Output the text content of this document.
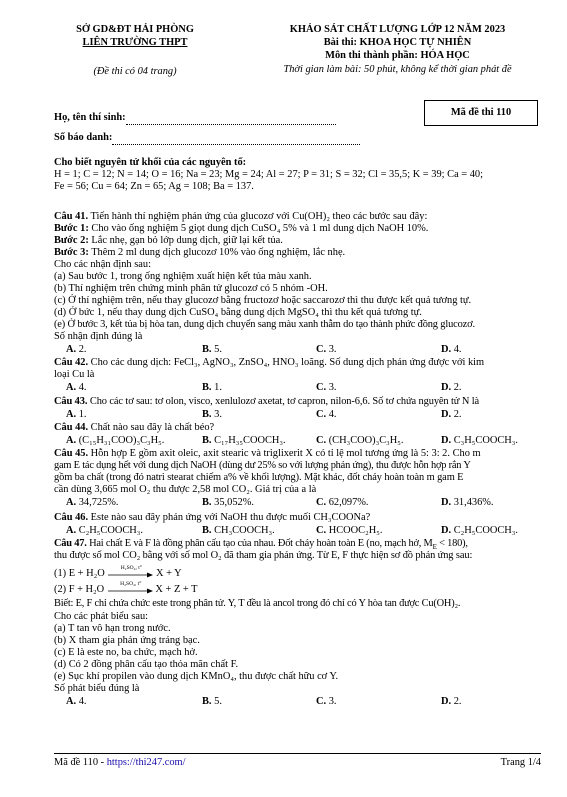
SỞ GD&ĐT HẢI PHÒNG
LIÊN TRƯỜNG THPT
(Đề thi có 04 trang)
KHẢO SÁT CHẤT LƯỢNG LỚP 12 NĂM 2023
Bài thi: KHOA HỌC TỰ NHIÊN
Môn thi thành phần: HÓA HỌC
Thời gian làm bài: 50 phút, không kể thời gian phát đề
Họ, tên thí sinh:
Số báo danh:
Mã đề thi 110
Cho biết nguyên tử khối của các nguyên tố:
H = 1; C = 12; N = 14; O = 16; Na = 23; Mg = 24; Al = 27; P = 31; S = 32; Cl = 35,5; K = 39; Ca = 40;
Fe = 56; Cu = 64; Zn = 65; Ag = 108; Ba = 137.
Câu 41. Tiến hành thí nghiệm phản ứng của glucozơ với Cu(OH)₂ theo các bước sau đây:
Bước 1: Cho vào ống nghiệm 5 giọt dung dịch CuSO₄ 5% và 1 ml dung dịch NaOH 10%.
Bước 2: Lắc nhẹ, gạn bỏ lớp dung dịch, giữ lại kết tủa.
Bước 3: Thêm 2 ml dung dịch glucozơ 10% vào ống nghiệm, lắc nhẹ.
Cho các nhận định sau:
(a) Sau bước 1, trong ống nghiệm xuất hiện kết tủa màu xanh.
(b) Thí nghiệm trên chứng minh phân tử glucozơ có 5 nhóm -OH.
(c) Ở thí nghiệm trên, nếu thay glucozơ bằng fructozơ hoặc saccarozơ thì thu được kết quả tương tự.
(d) Ở bức 1, nếu thay dung dịch CuSO₄ bằng dung dịch MgSO₄ thì thu kết quả tương tự.
(e) Ở bước 3, kết tủa bị hòa tan, dung dịch chuyển sang màu xanh thẫm do tạo thành phức đồng glucozơ.
Số nhận định đúng là
A. 2.	B. 5.	C. 3.	D. 4.
Câu 42. Cho các dung dịch: FeCl₃, AgNO₃, ZnSO₄, HNO₃ loãng. Số dung dịch phản ứng được với kim
loại Cu là
A. 4.	B. 1.	C. 3.	D. 2.
Câu 43. Cho các tơ sau: tơ olon, visco, xenlulozơ axetat, tơ capron, nilon-6,6. Số tơ chứa nguyên tử N là
A. 1.	B. 3.	C. 4.	D. 2.
Câu 44. Chất nào sau đây là chất béo?
A. (C₁₅H₃₁COO)₃C₃H₅.	B. C₁₇H₃₅COOCH₃.	C. (CH₃COO)₃C₃H₅.	D. C₃H₅COOCH₃.
Câu 45. Hỗn hợp E gồm axit oleic, axit stearic và triglixerit X có tỉ lệ mol tương ứng là 5: 3: 2. Cho m
gam E tác dụng hết với dung dịch NaOH (dùng dư 25% so với lượng phản ứng), thu được hỗn hợp rắn Y
gồm ba chất (trong đó natri stearat chiếm a% về khối lượng). Mặt khác, đốt cháy hoàn toàn m gam E
cần dùng 3,665 mol O₂ thu được 2,58 mol CO₂. Giá trị của a là
A. 34,725%.	B. 35,052%.	C. 62,097%.	D. 31,436%.
Câu 46. Este nào sau đây phản ứng với NaOH thu được muối CH₃COONa?
A. C₂H₅COOCH₃.	B. CH₃COOCH₃.	C. HCOOC₂H₅.	D. C₂H₅COOCH₃.
Câu 47. Hai chất E và F là đồng phân cấu tạo của nhau. Đốt cháy hoàn toàn E (no, mạch hở, $M_E < 180$),
thu được số mol CO₂ bằng với số mol O₂ đã tham gia phản ứng. Từ E, F thực hiện sơ đồ phản ứng sau:
(1) E + H₂O
H₂SO₄, t°
X + Y
(2) F + H₂O
H₂SO₄, t°
X + Z + T
Biết: E, F chỉ chứa chức este trong phân tử. Y, T đều là ancol trong đó chỉ có Y hòa tan được Cu(OH)₂.
Cho các phát biểu sau:
(a) T tan vô hạn trong nước.
(b) X tham gia phản ứng tráng bạc.
(c) E là este no, ba chức, mạch hở.
(d) Có 2 đồng phân cấu tạo thỏa mãn chất F.
(e) Sục khí propilen vào dung dịch KMnO₄, thu được chất hữu cơ Y.
Số phát biểu đúng là
A. 4.	B. 5.	C. 3.	D. 2.
Mã đề 110 - https://thi247.com/	Trang 1/4
